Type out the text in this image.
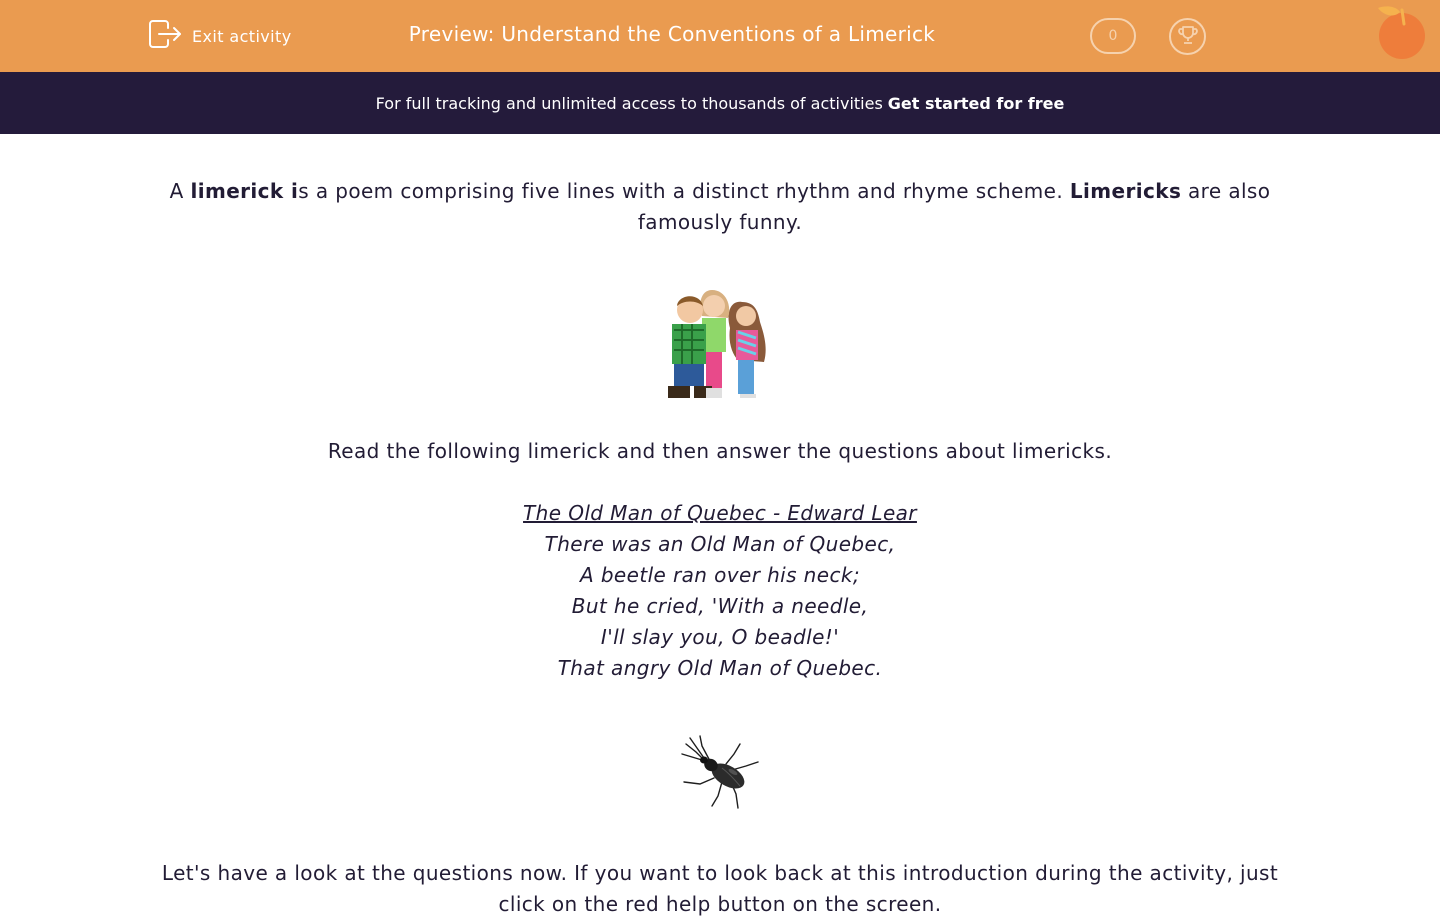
Exit activity	Preview: Understand the Conventions of a Limerick	0
For full tracking and unlimited access to thousands of activities Get started for free

A limerick is a poem comprising five lines with a distinct rhythm and rhyme scheme. Limericks are also famously funny.

Read the following limerick and then answer the questions about limericks.

The Old Man of Quebec - Edward Lear

There was an Old Man of Quebec,

A beetle ran over his neck;

But he cried, 'With a needle,

I'll slay you, O beadle!'

That angry Old Man of Quebec.

Let's have a look at the questions now. If you want to look back at this introduction during the activity, just click on the red help button on the screen.
